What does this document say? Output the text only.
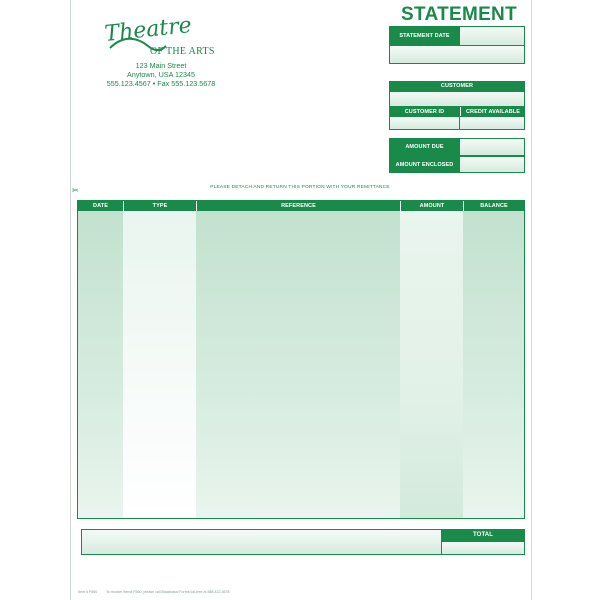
Theatre
OF THE ARTS
123 Main Street
Anytown, USA 12345
555.123.4567 • Fax 555.123.5678
STATEMENT
STATEMENT DATE
CUSTOMER
CUSTOMER ID	CREDIT AVAILABLE
AMOUNT DUE
AMOUNT ENCLOSED
✂	PLEASE DETACH AND RETURN THIS PORTION WITH YOUR REMITTANCE
DATE	TYPE	REFERENCE	AMOUNT	BALANCE
TOTAL
Item # F560 To reorder Item# F560, please call Blackbaud Forms toll-free at 888.422.3678
